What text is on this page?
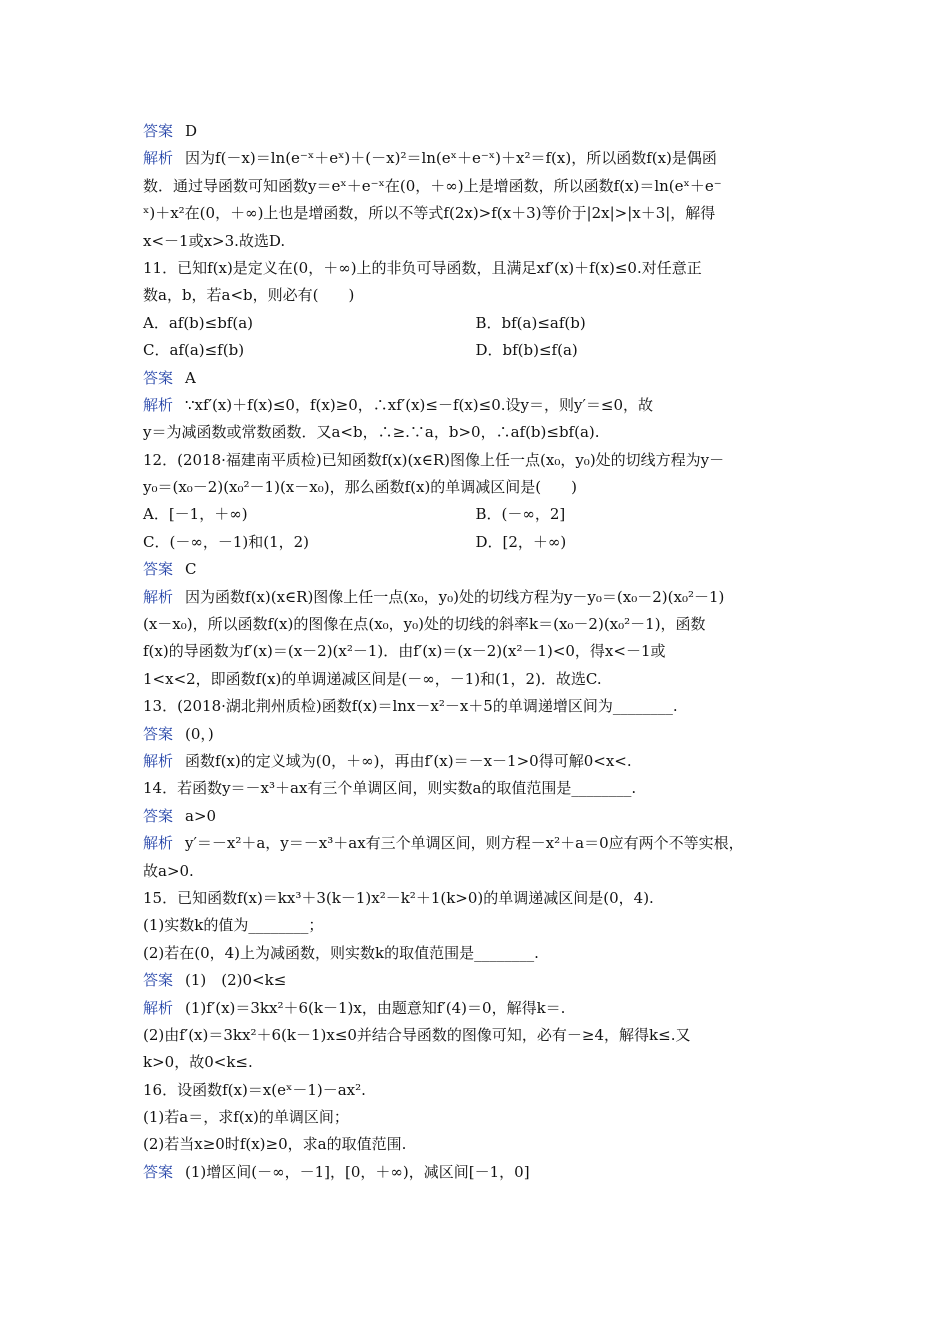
答案 D
解析 因为f(－x)＝ln(e⁻ˣ＋eˣ)＋(－x)²＝ln(eˣ＋e⁻ˣ)＋x²＝f(x)，所以函数f(x)是偶函
数．通过导函数可知函数y＝eˣ＋e⁻ˣ在(0，＋∞)上是增函数，所以函数f(x)＝ln(eˣ＋e⁻
ˣ)＋x²在(0，＋∞)上也是增函数，所以不等式f(2x)>f(x＋3)等价于|2x|>|x＋3|，解得
x<－1或x>3.故选D.
11．已知f(x)是定义在(0，＋∞)上的非负可导函数，且满足xf′(x)＋f(x)≤0.对任意正
数a，b，若a<b，则必有(　　)
A．af(b)≤bf(a)	B．bf(a)≤af(b)
C．af(a)≤f(b)	D．bf(b)≤f(a)
答案 A
解析 ∵xf′(x)＋f(x)≤0，f(x)≥0，∴xf′(x)≤－f(x)≤0.设y＝，则y′＝≤0，故
y＝为减函数或常数函数．又a<b，∴≥.∵a，b>0，∴af(b)≤bf(a).
12．(2018·福建南平质检)已知函数f(x)(x∈R)图像上任一点(x₀，y₀)处的切线方程为y－
y₀＝(x₀－2)(x₀²－1)(x－x₀)，那么函数f(x)的单调减区间是(　　)
A．[－1，＋∞)	B．(－∞，2]
C．(－∞，－1)和(1，2)	D．[2，＋∞)
答案 C
解析 因为函数f(x)(x∈R)图像上任一点(x₀，y₀)处的切线方程为y－y₀＝(x₀－2)(x₀²－1)
(x－x₀)，所以函数f(x)的图像在点(x₀，y₀)处的切线的斜率k＝(x₀－2)(x₀²－1)，函数
f(x)的导函数为f′(x)＝(x－2)(x²－1)．由f′(x)＝(x－2)(x²－1)<0，得x<－1或
1<x<2，即函数f(x)的单调递减区间是(－∞，－1)和(1，2)．故选C.
13．(2018·湖北荆州质检)函数f(x)＝lnx－x²－x＋5的单调递增区间为________.
答案 (0，)
解析 函数f(x)的定义域为(0，＋∞)，再由f′(x)＝－x－1>0得可解0<x<.
14．若函数y＝－x³＋ax有三个单调区间，则实数a的取值范围是________.
答案 a>0
解析 y′＝－x²＋a，y＝－x³＋ax有三个单调区间，则方程－x²＋a＝0应有两个不等实根，
故a>0.
15．已知函数f(x)＝kx³＋3(k－1)x²－k²＋1(k>0)的单调递减区间是(0，4).
(1)实数k的值为________；
(2)若在(0，4)上为减函数，则实数k的取值范围是________.
答案 (1)　(2)0<k≤
解析 (1)f′(x)＝3kx²＋6(k－1)x，由题意知f′(4)＝0，解得k＝.
(2)由f′(x)＝3kx²＋6(k－1)x≤0并结合导函数的图像可知，必有－≥4，解得k≤.又
k>0，故0<k≤.
16．设函数f(x)＝x(eˣ－1)－ax².
(1)若a＝，求f(x)的单调区间；
(2)若当x≥0时f(x)≥0，求a的取值范围.
答案 (1)增区间(－∞，－1]，[0，＋∞)，减区间[－1，0]
